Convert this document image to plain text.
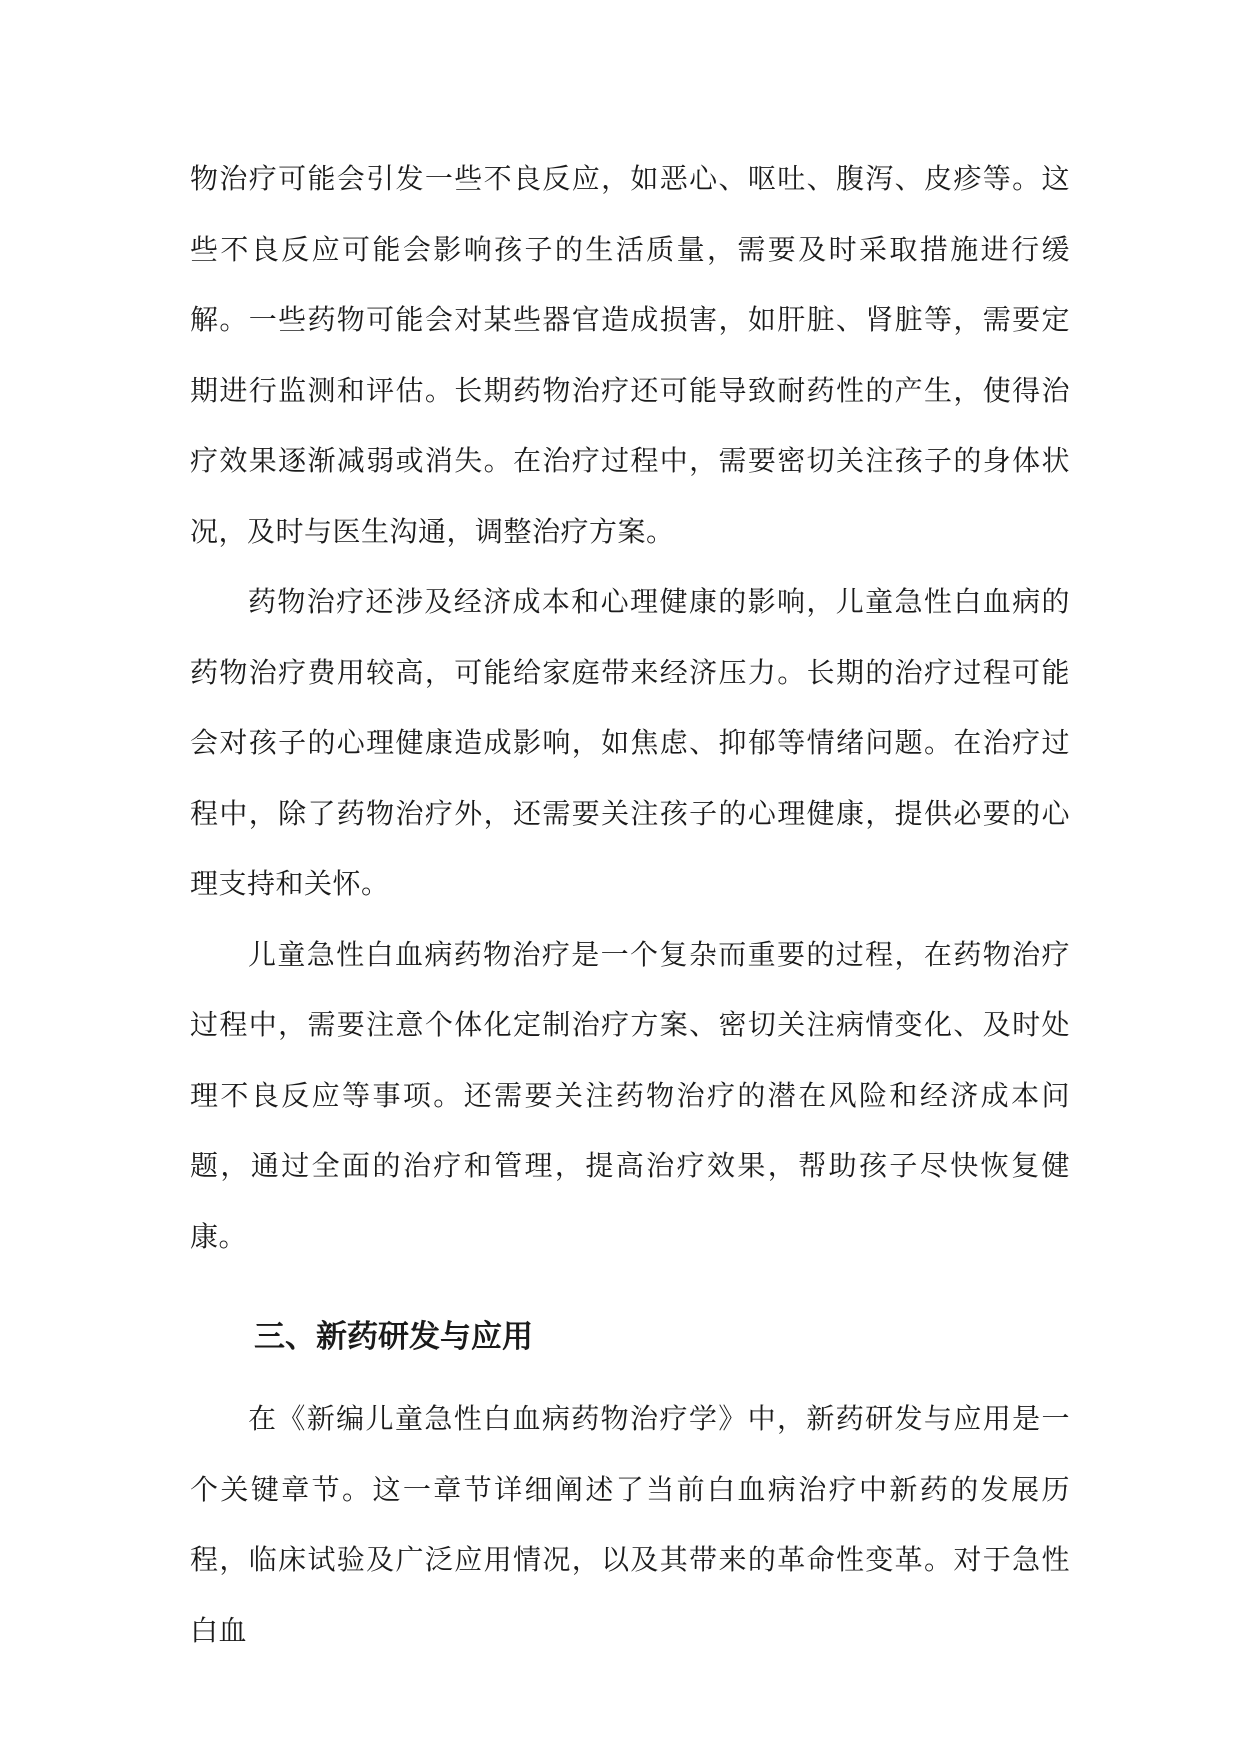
物治疗可能会引发一些不良反应，如恶心、呕吐、腹泻、皮疹等。这些不良反应可能会影响孩子的生活质量，需要及时采取措施进行缓解。一些药物可能会对某些器官造成损害，如肝脏、肾脏等，需要定期进行监测和评估。长期药物治疗还可能导致耐药性的产生，使得治疗效果逐渐减弱或消失。在治疗过程中，需要密切关注孩子的身体状况，及时与医生沟通，调整治疗方案。

药物治疗还涉及经济成本和心理健康的影响，儿童急性白血病的药物治疗费用较高，可能给家庭带来经济压力。长期的治疗过程可能会对孩子的心理健康造成影响，如焦虑、抑郁等情绪问题。在治疗过程中，除了药物治疗外，还需要关注孩子的心理健康，提供必要的心理支持和关怀。

儿童急性白血病药物治疗是一个复杂而重要的过程，在药物治疗过程中，需要注意个体化定制治疗方案、密切关注病情变化、及时处理不良反应等事项。还需要关注药物治疗的潜在风险和经济成本问题，通过全面的治疗和管理，提高治疗效果，帮助孩子尽快恢复健康。

三、新药研发与应用

在《新编儿童急性白血病药物治疗学》中，新药研发与应用是一个关键章节。这一章节详细阐述了当前白血病治疗中新药的发展历程，临床试验及广泛应用情况，以及其带来的革命性变革。对于急性白血
